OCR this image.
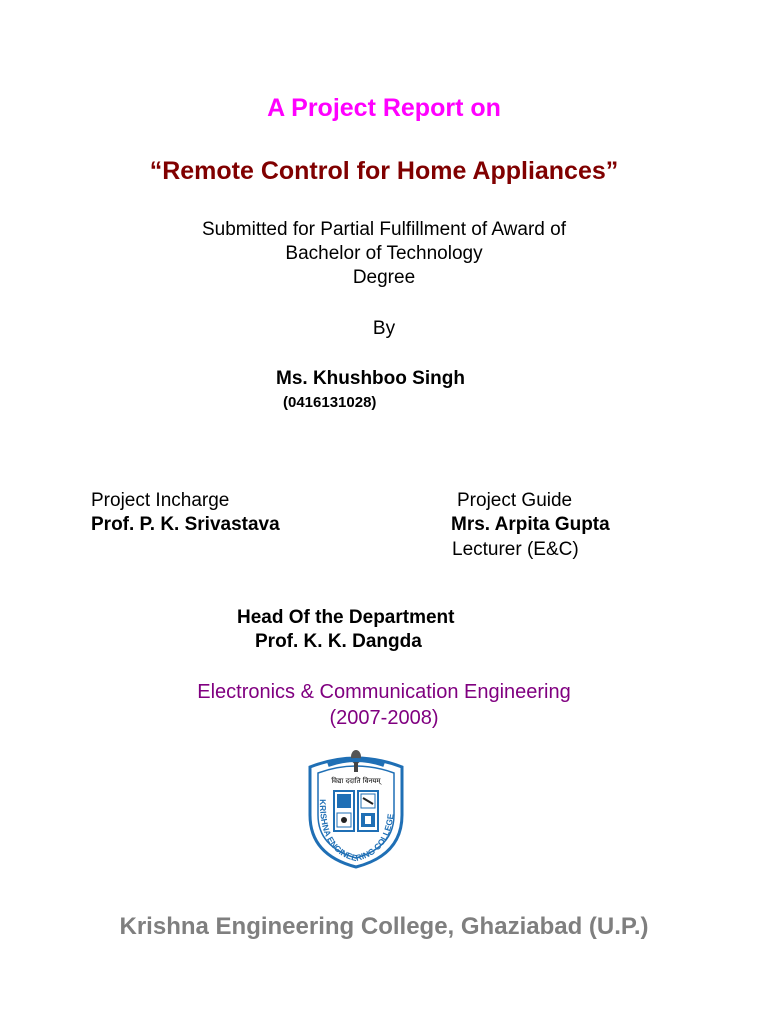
A Project Report on
“Remote Control for Home Appliances”
Submitted for Partial Fulfillment of Award of
Bachelor of Technology
Degree
By
Ms. Khushboo Singh
(0416131028)
Project Incharge
Prof. P. K. Srivastava
Project Guide
Mrs. Arpita Gupta
Lecturer (E&C)
Head Of the Department
Prof. K. K. Dangda
Electronics & Communication Engineering
(2007-2008)
KRISHNA ENGINEERING COLLEGE
विद्या ददाति विनयम्
Krishna Engineering College, Ghaziabad (U.P.)
